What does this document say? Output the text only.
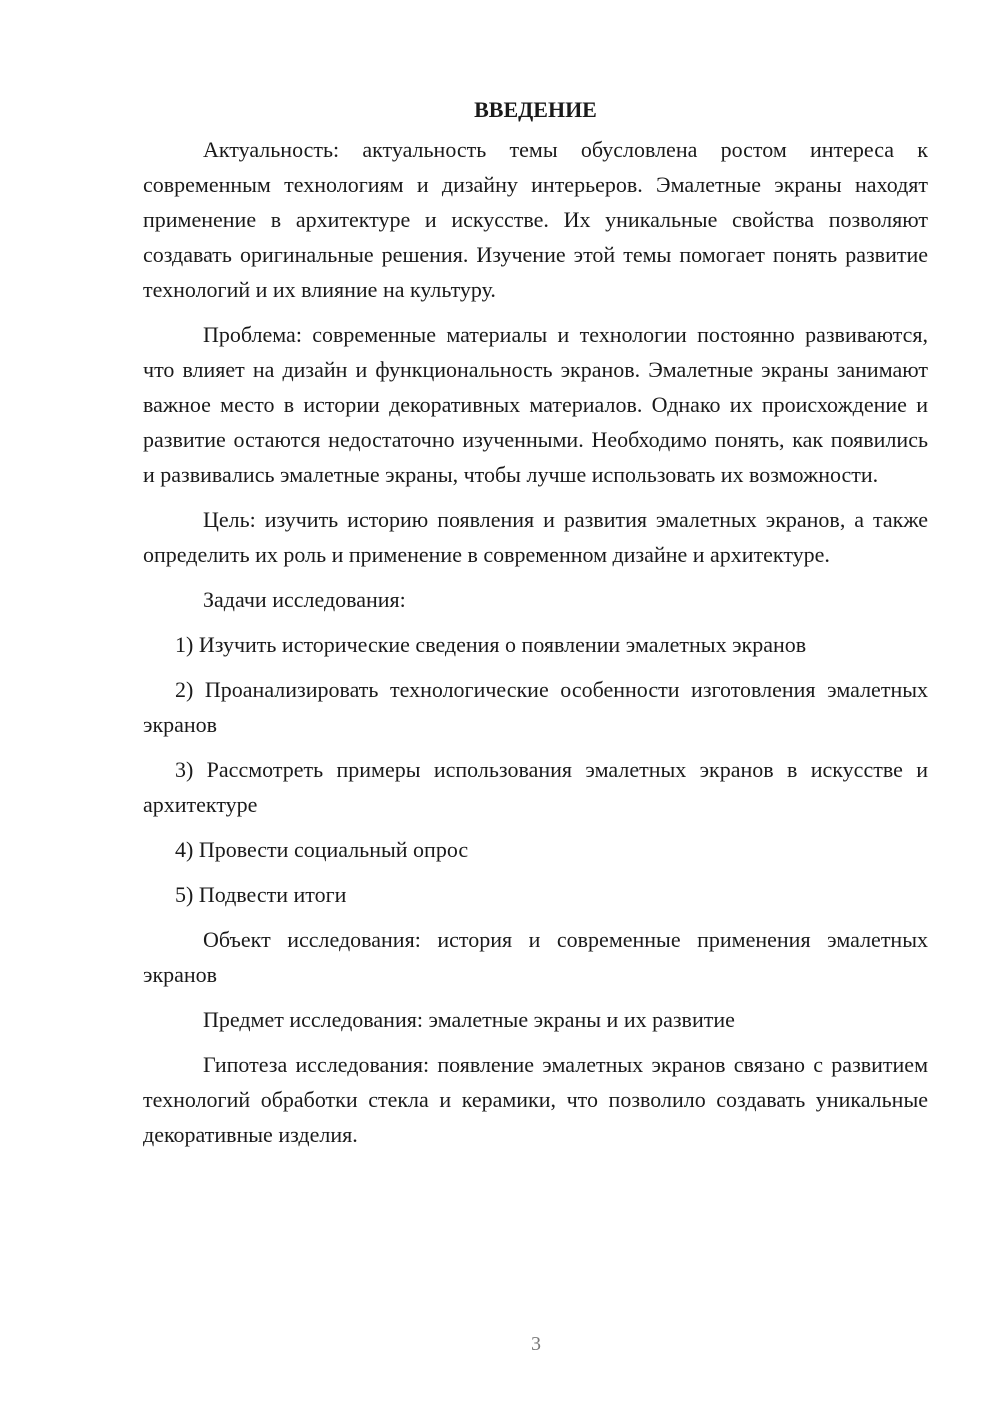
ВВЕДЕНИЕ

Актуальность: актуальность темы обусловлена ростом интереса к современным технологиям и дизайну интерьеров. Эмалетные экраны находят применение в архитектуре и искусстве. Их уникальные свойства позволяют создавать оригинальные решения. Изучение этой темы помогает понять развитие технологий и их влияние на культуру.

Проблема: современные материалы и технологии постоянно развиваются, что влияет на дизайн и функциональность экранов. Эмалетные экраны занимают важное место в истории декоративных материалов. Однако их происхождение и развитие остаются недостаточно изученными. Необходимо понять, как появились и развивались эмалетные экраны, чтобы лучше использовать их возможности.

Цель: изучить историю появления и развития эмалетных экранов, а также определить их роль и применение в современном дизайне и архитектуре.

Задачи исследования:

1) Изучить исторические сведения о появлении эмалетных экранов

2) Проанализировать технологические особенности изготовления эмалетных экранов

3) Рассмотреть примеры использования эмалетных экранов в искусстве и архитектуре

4) Провести социальный опрос

5) Подвести итоги

Объект исследования: история и современные применения эмалетных экранов

Предмет исследования: эмалетные экраны и их развитие

Гипотеза исследования: появление эмалетных экранов связано с развитием технологий обработки стекла и керамики, что позволило создавать уникальные декоративные изделия.

3
